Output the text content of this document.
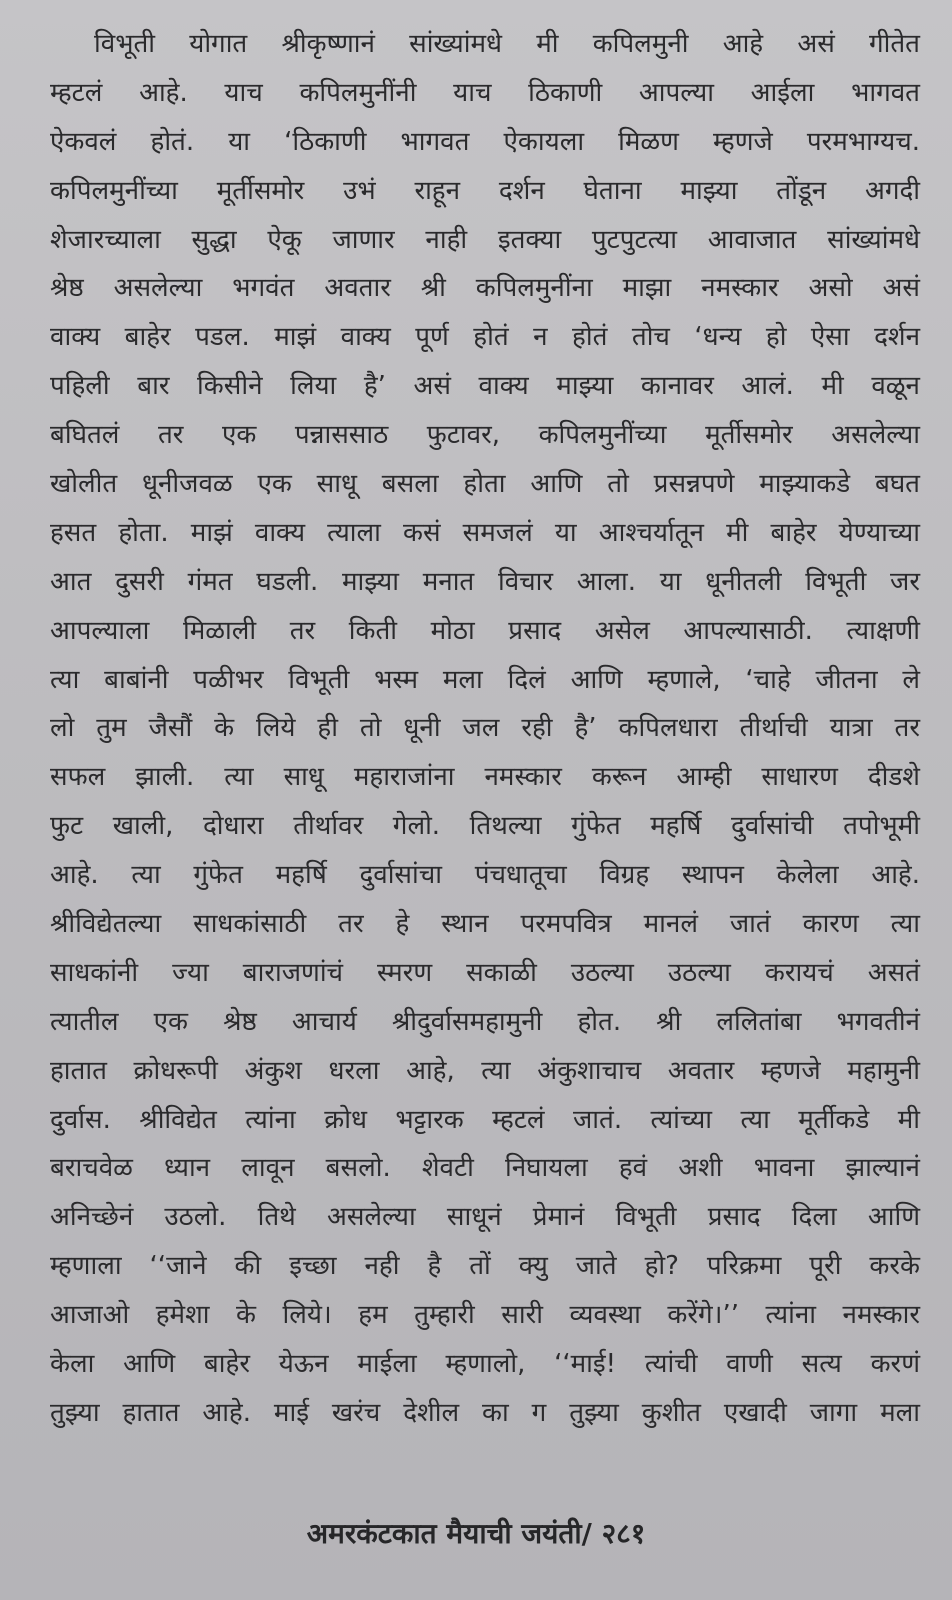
विभूती योगात श्रीकृष्णानं सांख्यांमधे मी कपिलमुनी आहे असं गीतेत
म्हटलं आहे. याच कपिलमुनींनी याच ठिकाणी आपल्या आईला भागवत
ऐकवलं होतं. या ‘ठिकाणी भागवत ऐकायला मिळण म्हणजे परमभाग्यच.
कपिलमुनींच्या मूर्तीसमोर उभं राहून दर्शन घेताना माझ्या तोंडून अगदी
शेजारच्याला सुद्धा ऐकू जाणार नाही इतक्या पुटपुटत्या आवाजात सांख्यांमधे
श्रेष्ठ असलेल्या भगवंत अवतार श्री कपिलमुनींना माझा नमस्कार असो असं
वाक्य बाहेर पडल. माझं वाक्य पूर्ण होतं न होतं तोच ‘धन्य हो ऐसा दर्शन
पहिली बार किसीने लिया है’ असं वाक्य माझ्या कानावर आलं. मी वळून
बघितलं तर एक पन्नाससाठ फुटावर, कपिलमुनींच्या मूर्तीसमोर असलेल्या
खोलीत धूनीजवळ एक साधू बसला होता आणि तो प्रसन्नपणे माझ्याकडे बघत
हसत होता. माझं वाक्य त्याला कसं समजलं या आश्चर्यातून मी बाहेर येण्याच्या
आत दुसरी गंमत घडली. माझ्या मनात विचार आला. या धूनीतली विभूती जर
आपल्याला मिळाली तर किती मोठा प्रसाद असेल आपल्यासाठी. त्याक्षणी
त्या बाबांनी पळीभर विभूती भस्म मला दिलं आणि म्हणाले, ‘चाहे जीतना ले
लो तुम जैसौं के लिये ही तो धूनी जल रही है’ कपिलधारा तीर्थाची यात्रा तर
सफल झाली. त्या साधू महाराजांना नमस्कार करून आम्ही साधारण दीडशे
फुट खाली, दोधारा तीर्थावर गेलो. तिथल्या गुंफेत महर्षि दुर्वासांची तपोभूमी
आहे. त्या गुंफेत महर्षि दुर्वासांचा पंचधातूचा विग्रह स्थापन केलेला आहे.
श्रीविद्येतल्या साधकांसाठी तर हे स्थान परमपवित्र मानलं जातं कारण त्या
साधकांनी ज्या बाराजणांचं स्मरण सकाळी उठल्या उठल्या करायचं असतं
त्यातील एक श्रेष्ठ आचार्य श्रीदुर्वासमहामुनी होत. श्री ललितांबा भगवतीनं
हातात क्रोधरूपी अंकुश धरला आहे, त्या अंकुशाचाच अवतार म्हणजे महामुनी
दुर्वास. श्रीविद्येत त्यांना क्रोध भट्टारक म्हटलं जातं. त्यांच्या त्या मूर्तीकडे मी
बराचवेळ ध्यान लावून बसलो. शेवटी निघायला हवं अशी भावना झाल्यानं
अनिच्छेनं उठलो. तिथे असलेल्या साधूनं प्रेमानं विभूती प्रसाद दिला आणि
म्हणाला ‘‘जाने की इच्छा नही है तों क्यु जाते हो? परिक्रमा पूरी करके
आजाओ हमेशा के लिये। हम तुम्हारी सारी व्यवस्था करेंगे।’’ त्यांना नमस्कार
केला आणि बाहेर येऊन माईला म्हणालो, ‘‘माई! त्यांची वाणी सत्य करणं
तुझ्या हातात आहे. माई खरंच देशील का ग तुझ्या कुशीत एखादी जागा मला
अमरकंटकात मैयाची जयंती/ २८१
